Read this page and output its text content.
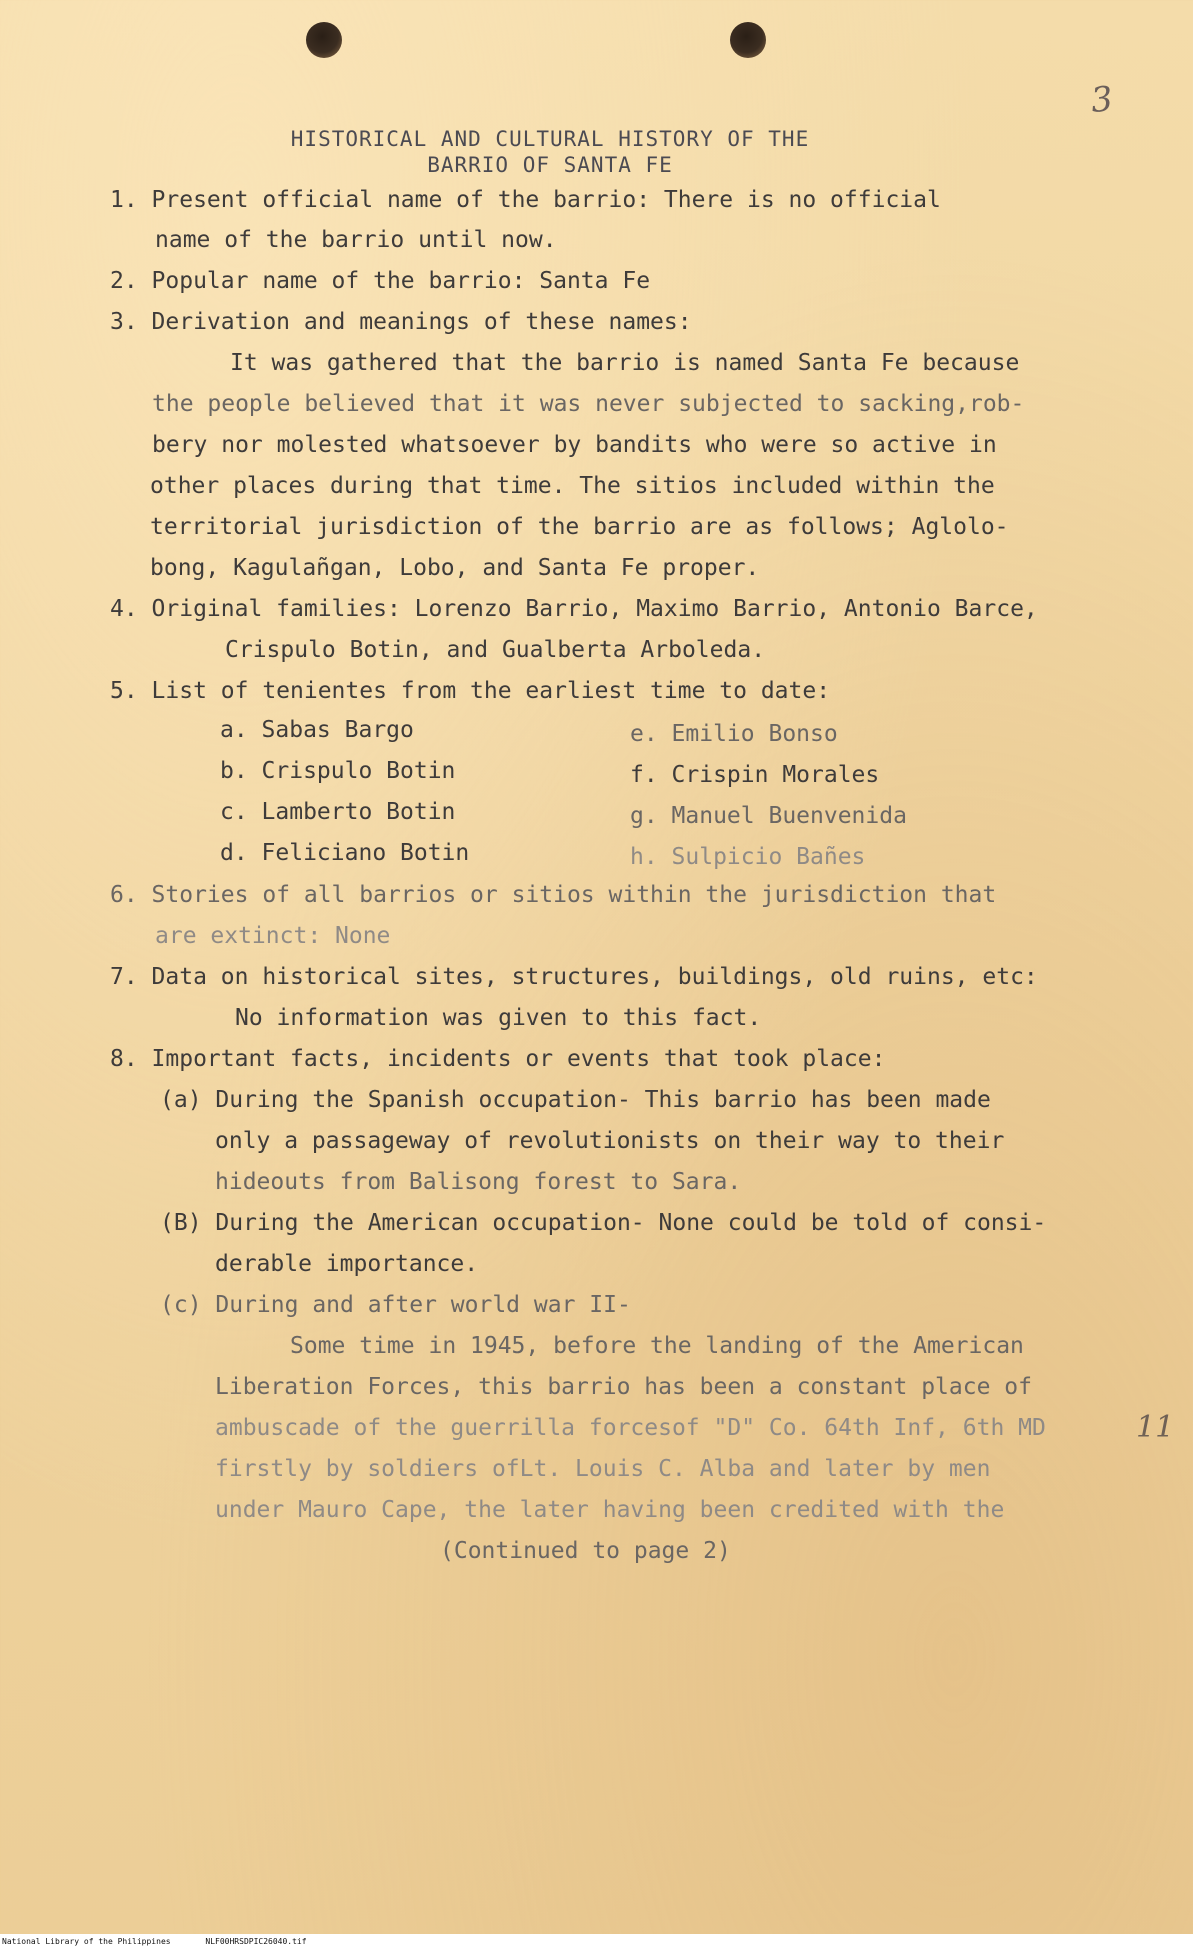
3
HISTORICAL AND CULTURAL HISTORY OF THE
BARRIO OF SANTA FE
1. Present official name of the barrio: There is no official
name of the barrio until now.
2. Popular name of the barrio: Santa Fe
3. Derivation and meanings of these names:
It was gathered that the barrio is named Santa Fe because
the people believed that it was never subjected to sacking,rob-
bery nor molested whatsoever by bandits who were so active in
other places during that time. The sitios included within the
territorial jurisdiction of the barrio are as follows; Aglolo-
bong, Kagulañgan, Lobo, and Santa Fe proper.
4. Original families: Lorenzo Barrio, Maximo Barrio, Antonio Barce,
Crispulo Botin, and Gualberta Arboleda.
5. List of tenientes from the earliest time to date:
a. Sabas Bargo
b. Crispulo Botin
c. Lamberto Botin
d. Feliciano Botin
e. Emilio Bonso
f. Crispin Morales
g. Manuel Buenvenida
h. Sulpicio Bañes
6. Stories of all barrios or sitios within the jurisdiction that
are extinct: None
7. Data on historical sites, structures, buildings, old ruins, etc:
No information was given to this fact.
8. Important facts, incidents or events that took place:
(a) During the Spanish occupation- This barrio has been made
only a passageway of revolutionists on their way to their
hideouts from Balisong forest to Sara.
(B) During the American occupation- None could be told of consi-
derable importance.
(c) During and after world war II-
Some time in 1945, before the landing of the American
Liberation Forces, this barrio has been a constant place of
ambuscade of the guerrilla forcesof "D" Co. 64th Inf, 6th MD
firstly by soldiers ofLt. Louis C. Alba and later by men
under Mauro Cape, the later having been credited with the
(Continued to page 2)
11
National Library of the Philippines	NLF00HRSDPIC26040.tif
